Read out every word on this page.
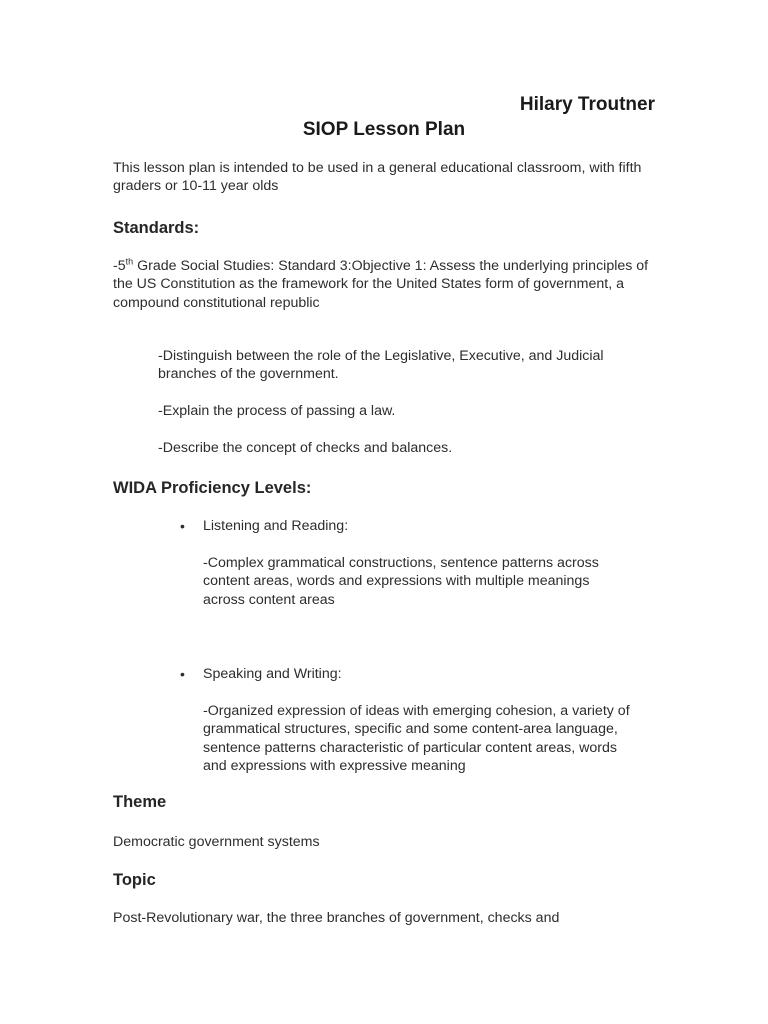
Hilary Troutner
SIOP Lesson Plan

This lesson plan is intended to be used in a general educational classroom, with fifth graders or 10-11 year olds

Standards:

-5th Grade Social Studies: Standard 3:Objective 1: Assess the underlying principles of the US Constitution as the framework for the United States form of government, a compound constitutional republic

-Distinguish between the role of the Legislative, Executive, and Judicial branches of the government.

-Explain the process of passing a law.

-Describe the concept of checks and balances.

WIDA Proficiency Levels:
• Listening and Reading:

-Complex grammatical constructions, sentence patterns across content areas, words and expressions with multiple meanings across content areas

• Speaking and Writing:

-Organized expression of ideas with emerging cohesion, a variety of grammatical structures, specific and some content-area language, sentence patterns characteristic of particular content areas, words and expressions with expressive meaning

Theme

Democratic government systems

Topic

Post-Revolutionary war, the three branches of government, checks and
